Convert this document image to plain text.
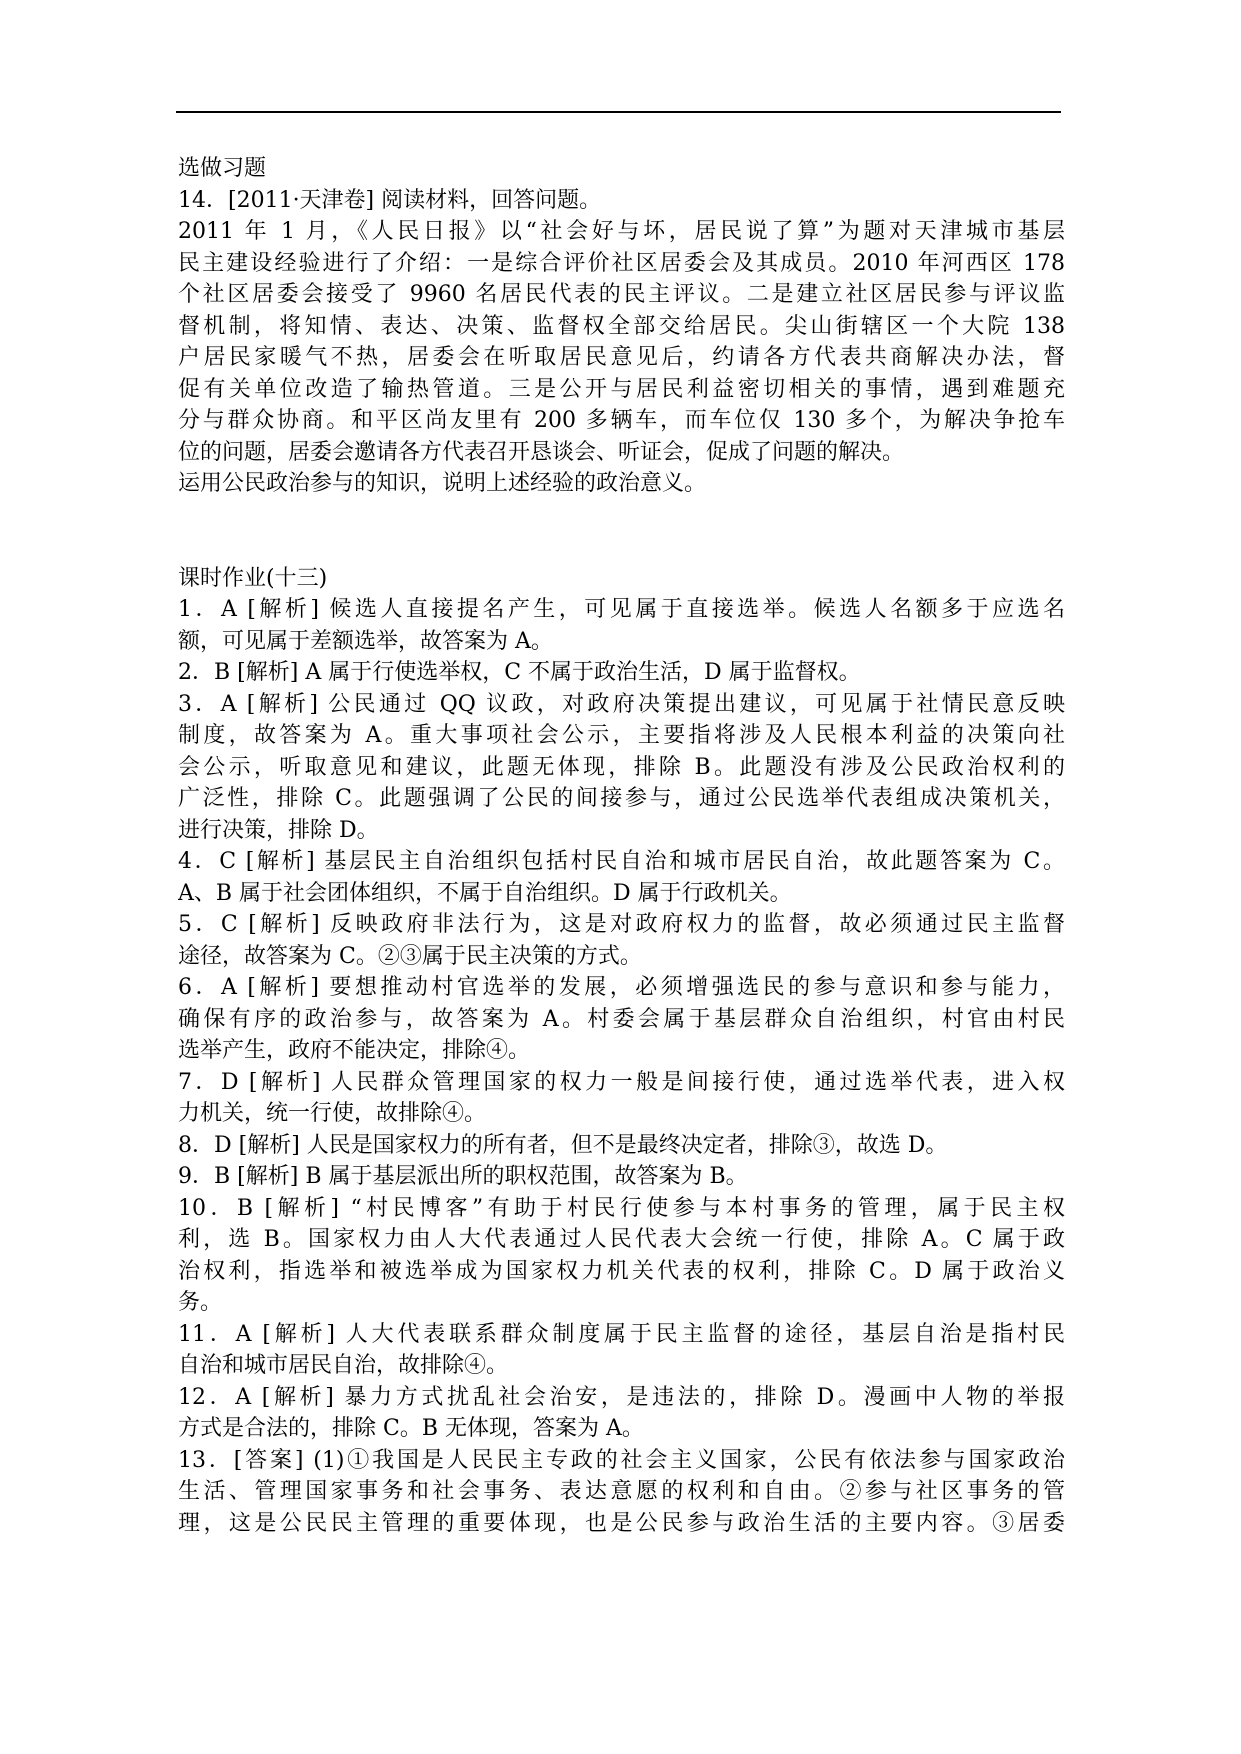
选做习题
14．[2011·天津卷] 阅读材料，回答问题。
2011 年 1 月，《人民日报》以“社会好与坏，居民说了算”为题对天津城市基层
民主建设经验进行了介绍：一是综合评价社区居委会及其成员。2010 年河西区 178
个社区居委会接受了 9960 名居民代表的民主评议。二是建立社区居民参与评议监
督机制，将知情、表达、决策、监督权全部交给居民。尖山街辖区一个大院 138
户居民家暖气不热，居委会在听取居民意见后，约请各方代表共商解决办法，督
促有关单位改造了输热管道。三是公开与居民利益密切相关的事情，遇到难题充
分与群众协商。和平区尚友里有 200 多辆车，而车位仅 130 多个，为解决争抢车
位的问题，居委会邀请各方代表召开恳谈会、听证会，促成了问题的解决。
运用公民政治参与的知识，说明上述经验的政治意义。
课时作业(十三)
1．A [解析] 候选人直接提名产生，可见属于直接选举。候选人名额多于应选名
额，可见属于差额选举，故答案为 A。
2．B [解析] A 属于行使选举权，C 不属于政治生活，D 属于监督权。
3．A [解析] 公民通过 QQ 议政，对政府决策提出建议，可见属于社情民意反映
制度，故答案为 A。重大事项社会公示，主要指将涉及人民根本利益的决策向社
会公示，听取意见和建议，此题无体现，排除 B。此题没有涉及公民政治权利的
广泛性，排除 C。此题强调了公民的间接参与，通过公民选举代表组成决策机关，
进行决策，排除 D。
4．C [解析] 基层民主自治组织包括村民自治和城市居民自治，故此题答案为 C。
A、B 属于社会团体组织，不属于自治组织。D 属于行政机关。
5．C [解析] 反映政府非法行为，这是对政府权力的监督，故必须通过民主监督
途径，故答案为 C。②③属于民主决策的方式。
6．A [解析] 要想推动村官选举的发展，必须增强选民的参与意识和参与能力，
确保有序的政治参与，故答案为 A。村委会属于基层群众自治组织，村官由村民
选举产生，政府不能决定，排除④。
7．D [解析] 人民群众管理国家的权力一般是间接行使，通过选举代表，进入权
力机关，统一行使，故排除④。
8．D [解析] 人民是国家权力的所有者，但不是最终决定者，排除③，故选 D。
9．B [解析] B 属于基层派出所的职权范围，故答案为 B。
10．B [解析] “村民博客”有助于村民行使参与本村事务的管理，属于民主权
利，选 B。国家权力由人大代表通过人民代表大会统一行使，排除 A。C 属于政
治权利，指选举和被选举成为国家权力机关代表的权利，排除 C。D 属于政治义
务。
11．A [解析] 人大代表联系群众制度属于民主监督的途径，基层自治是指村民
自治和城市居民自治，故排除④。
12．A [解析] 暴力方式扰乱社会治安，是违法的，排除 D。漫画中人物的举报
方式是合法的，排除 C。B 无体现，答案为 A。
13．[答案] (1)①我国是人民民主专政的社会主义国家，公民有依法参与国家政治
生活、管理国家事务和社会事务、表达意愿的权利和自由。②参与社区事务的管
理，这是公民民主管理的重要体现，也是公民参与政治生活的主要内容。③居委
